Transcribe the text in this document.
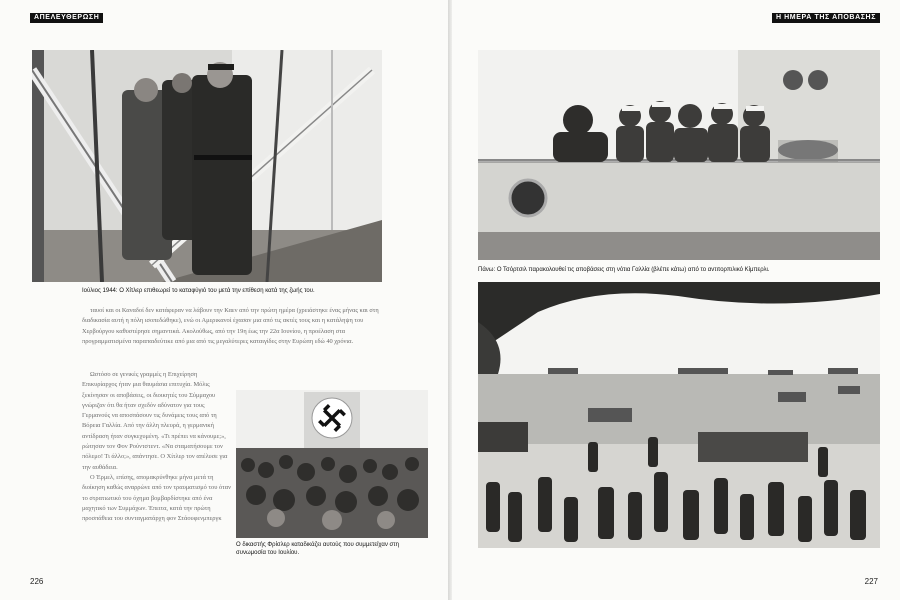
ΑΠΕΛΕΥΘΕΡΩΣΗ
Ιούλιος 1944: Ο Χίτλερ επιθεωρεί το καταφύγιό του μετά την επίθεση κατά της ζωής του.

ταυοί και οι Καναδοί δεν κατάφεραν να λάβουν την Καεν από την πρώτη ημέρα (χρειάστηκε ένας μήνας και στη διαδικασία αυτή η πόλη ισοπεδώθηκε), ενώ οι Αμερικανοί έχασαν μια από τις ακτές τους και η κατάληψη του Χερβούργου καθυστέρησε σημαντικά. Ακολούθως, από την 19η έως την 22α Ιουνίου, η προέλαση στα προγραμματισμένα παραπαιδεύτικε από μια από τις μεγαλύτερες καταιγίδες στην Ευρώπη εδώ 40 χρόνια.

Ωστόσο σε γενικές γραμμές η Επιχείρηση Επικυρίαρχος ήταν μια θαυμάσια επιτυχία. Μόλις ξεκίνησαν οι αποβάσεις, οι διοικητές του Σύμμαχου γνώριζαν ότι θα ήταν σχεδόν αδύνατον για τους Γερμανούς να αποσπάσουν τις δυνάμεις τους από τη Βόρεια Γαλλία. Από την άλλη πλευρά, η γερμανική αντίδραση ήταν συγκεχυμένη. «Τι πρέπει να κάνουμε;», ρώτησαν τον Φον Ρούντστεντ. «Να σταματήσουμε τον πόλεμο! Τι άλλο;», απάντησε. Ο Χίτλερ τον απέλυσε για την αυθάδεια.

Ο Έρμελ, επίσης, απομακρύνθηκε μήνα μετά τη διοίκηση καθώς αναρρώνε από τον τραυματισμό του όταν το στρατιωτικό του όχημα βομβαρδίστηκε από ένα μαχητικό των Συμμάχων. Έπειτα, κατά την πρώτη προσπάθεια του συνταγματάρχη φον Στάουφενμπεργκ

Ο δικαστής Φρίσλερ καταδικάζει αυτούς που συμμετείχαν στη συνωμοσία του Ιουλίου.
226
Η ΗΜΕΡΑ ΤΗΣ ΑΠΟΒΑΣΗΣ
Πάνω: Ο Τσόρτσιλ παρακολουθεί τις αποβάσεις στη νότια Γαλλία (βλέπε κάτω) από το αντιτορπιλικό Κίμπερλι.
227
